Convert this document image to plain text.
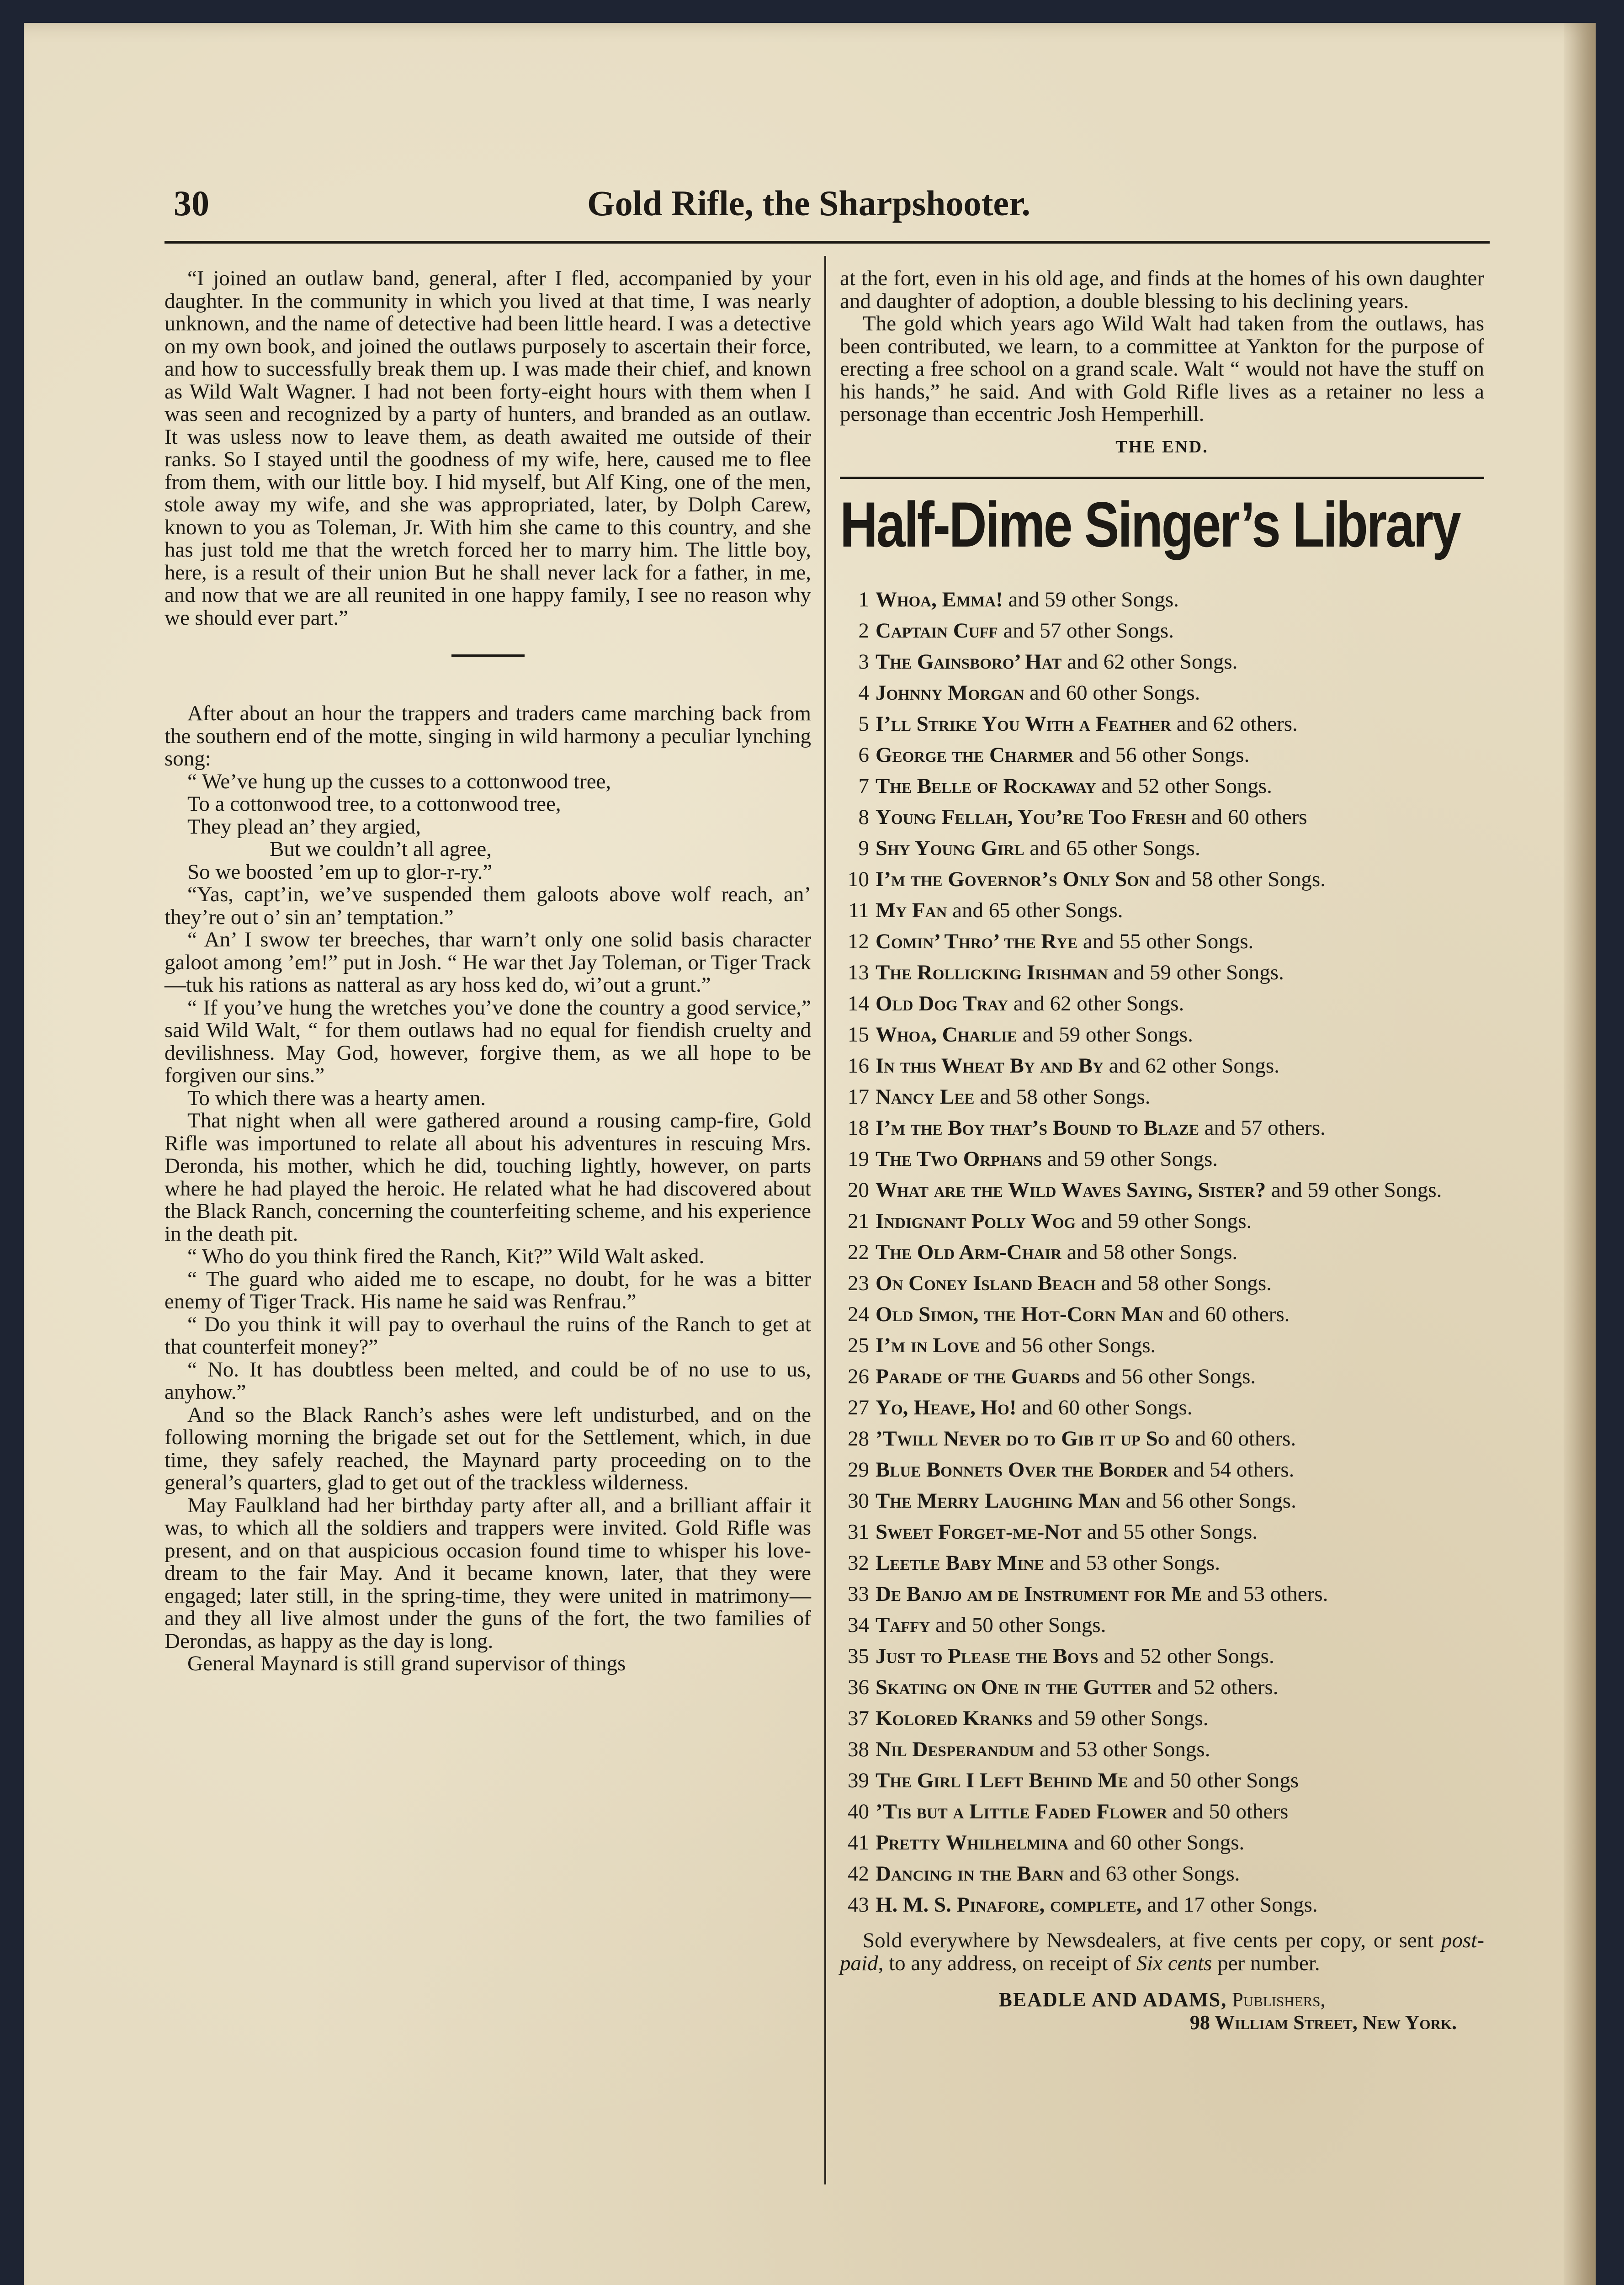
30	Gold Rifle, the Sharpshooter.

“I joined an outlaw band, general, after I fled, accompanied by your daughter. In the community in which you lived at that time, I was nearly unknown, and the name of detective had been little heard. I was a detective on my own book, and joined the outlaws purposely to ascertain their force, and how to successfully break them up. I was made their chief, and known as Wild Walt Wagner. I had not been forty-eight hours with them when I was seen and recognized by a party of hunters, and branded as an outlaw. It was usless now to leave them, as death awaited me outside of their ranks. So I stayed until the goodness of my wife, here, caused me to flee from them, with our little boy. I hid myself, but Alf King, one of the men, stole away my wife, and she was appropriated, later, by Dolph Carew, known to you as Toleman, Jr. With him she came to this country, and she has just told me that the wretch forced her to marry him. The little boy, here, is a result of their union But he shall never lack for a father, in me, and now that we are all reunited in one happy family, I see no reason why we should ever part.”

After about an hour the trappers and traders came marching back from the southern end of the motte, singing in wild harmony a peculiar lynching song:

“ We’ve hung up the cusses to a cottonwood tree,
To a cottonwood tree, to a cottonwood tree,
They plead an’ they argied,
But we couldn’t all agree,
So we boosted ’em up to glor-r-ry.”

“Yas, capt’in, we’ve suspended them galoots above wolf reach, an’ they’re out o’ sin an’ temptation.”

“ An’ I swow ter breeches, thar warn’t only one solid basis character galoot among ’em!” put in Josh. “ He war thet Jay Toleman, or Tiger Track —tuk his rations as natteral as ary hoss ked do, wi’out a grunt.”

“ If you’ve hung the wretches you’ve done the country a good service,” said Wild Walt, “ for them outlaws had no equal for fiendish cruelty and devilishness. May God, however, forgive them, as we all hope to be forgiven our sins.”

To which there was a hearty amen.

That night when all were gathered around a rousing camp-fire, Gold Rifle was importuned to relate all about his adventures in rescuing Mrs. Deronda, his mother, which he did, touching lightly, however, on parts where he had played the heroic. He related what he had discovered about the Black Ranch, concerning the counterfeiting scheme, and his experience in the death pit.

“ Who do you think fired the Ranch, Kit?” Wild Walt asked.

“ The guard who aided me to escape, no doubt, for he was a bitter enemy of Tiger Track. His name he said was Renfrau.”

“ Do you think it will pay to overhaul the ruins of the Ranch to get at that counterfeit money?”

“ No. It has doubtless been melted, and could be of no use to us, anyhow.”

And so the Black Ranch’s ashes were left undisturbed, and on the following morning the brigade set out for the Settlement, which, in due time, they safely reached, the Maynard party proceeding on to the general’s quarters, glad to get out of the trackless wilderness.

May Faulkland had her birthday party after all, and a brilliant affair it was, to which all the soldiers and trappers were invited. Gold Rifle was present, and on that auspicious occasion found time to whisper his love-dream to the fair May. And it became known, later, that they were engaged; later still, in the spring-time, they were united in matrimony—and they all live almost under the guns of the fort, the two families of Derondas, as happy as the day is long.

General Maynard is still grand supervisor of things

at the fort, even in his old age, and finds at the homes of his own daughter and daughter of adoption, a double blessing to his declining years.

The gold which years ago Wild Walt had taken from the outlaws, has been contributed, we learn, to a committee at Yankton for the purpose of erecting a free school on a grand scale. Walt “ would not have the stuff on his hands,” he said. And with Gold Rifle lives as a retainer no less a personage than eccentric Josh Hemperhill.

THE END.
Half-Dime Singer’s Library
1 Whoa, Emma! and 59 other Songs.
2 Captain Cuff and 57 other Songs.
3 The Gainsboro’ Hat and 62 other Songs.
4 Johnny Morgan and 60 other Songs.
5 I’ll Strike You With a Feather and 62 others.
6 George the Charmer and 56 other Songs.
7 The Belle of Rockaway and 52 other Songs.
8 Young Fellah, You’re Too Fresh and 60 others
9 Shy Young Girl and 65 other Songs.
10 I’m the Governor’s Only Son and 58 other Songs.
11 My Fan and 65 other Songs.
12 Comin’ Thro’ the Rye and 55 other Songs.
13 The Rollicking Irishman and 59 other Songs.
14 Old Dog Tray and 62 other Songs.
15 Whoa, Charlie and 59 other Songs.
16 In this Wheat By and By and 62 other Songs.
17 Nancy Lee and 58 other Songs.
18 I’m the Boy that’s Bound to Blaze and 57 others.
19 The Two Orphans and 59 other Songs.
20 What are the Wild Waves Saying, Sister? and 59 other Songs.
21 Indignant Polly Wog and 59 other Songs.
22 The Old Arm-Chair and 58 other Songs.
23 On Coney Island Beach and 58 other Songs.
24 Old Simon, the Hot-Corn Man and 60 others.
25 I’m in Love and 56 other Songs.
26 Parade of the Guards and 56 other Songs.
27 Yo, Heave, Ho! and 60 other Songs.
28 ’Twill Never do to Gib it up So and 60 others.
29 Blue Bonnets Over the Border and 54 others.
30 The Merry Laughing Man and 56 other Songs.
31 Sweet Forget-me-Not and 55 other Songs.
32 Leetle Baby Mine and 53 other Songs.
33 De Banjo am de Instrument for Me and 53 others.
34 Taffy and 50 other Songs.
35 Just to Please the Boys and 52 other Songs.
36 Skating on One in the Gutter and 52 others.
37 Kolored Kranks and 59 other Songs.
38 Nil Desperandum and 53 other Songs.
39 The Girl I Left Behind Me and 50 other Songs
40 ’Tis but a Little Faded Flower and 50 others
41 Pretty Whilhelmina and 60 other Songs.
42 Dancing in the Barn and 63 other Songs.
43 H. M. S. Pinafore, complete, and 17 other Songs.

Sold everywhere by Newsdealers, at five cents per copy, or sent post-paid, to any address, on receipt of Six cents per number.

BEADLE AND ADAMS, Publishers,
98 William Street, New York.
